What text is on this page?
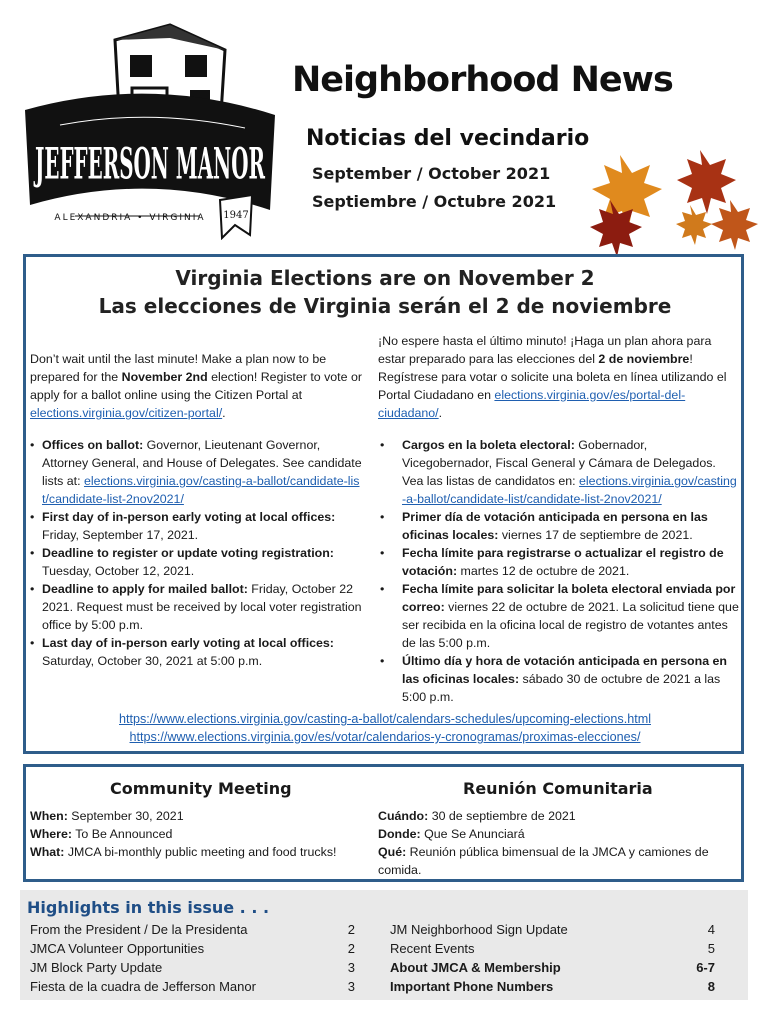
JEFFERSON MANOR
ALEXANDRIA • VIRGINIA 1947
Neighborhood News
Noticias del vecindario
September / October 2021
Septiembre / Octubre 2021
Virginia Elections are on November 2
Las elecciones de Virginia serán el 2 de noviembre
Don’t wait until the last minute! Make a plan now to be prepared for the November 2nd election! Register to vote or apply for a ballot online using the Citizen Portal at elections.virginia.gov/citizen-portal/.
¡No espere hasta el último minuto! ¡Haga un plan ahora para estar preparado para las elecciones del 2 de noviembre! Regístrese para votar o solicite una boleta en línea utilizando el Portal Ciudadano en elections.virginia.gov/es/portal-del-ciudadano/.
• Offices on ballot: Governor, Lieutenant Governor, Attorney General, and House of Delegates. See candidate lists at: elections.virginia.gov/casting-a-ballot/candidate-list/candidate-list-2nov2021/
• First day of in-person early voting at local offices: Friday, September 17, 2021.
• Deadline to register or update voting registration: Tuesday, October 12, 2021.
• Deadline to apply for mailed ballot: Friday, October 22 2021. Request must be received by local voter registration office by 5:00 p.m.
• Last day of in-person early voting at local offices: Saturday, October 30, 2021 at 5:00 p.m.
• Cargos en la boleta electoral: Gobernador, Vicegobernador, Fiscal General y Cámara de Delegados. Vea las listas de candidatos en: elections.virginia.gov/casting-a-ballot/candidate-list/candidate-list-2nov2021/
• Primer día de votación anticipada en persona en las oficinas locales: viernes 17 de septiembre de 2021.
• Fecha límite para registrarse o actualizar el registro de votación: martes 12 de octubre de 2021.
• Fecha límite para solicitar la boleta electoral enviada por correo: viernes 22 de octubre de 2021. La solicitud tiene que ser recibida en la oficina local de registro de votantes antes de las 5:00 p.m.
• Último día y hora de votación anticipada en persona en las oficinas locales: sábado 30 de octubre de 2021 a las 5:00 p.m.
https://www.elections.virginia.gov/casting-a-ballot/calendars-schedules/upcoming-elections.html
https://www.elections.virginia.gov/es/votar/calendarios-y-cronogramas/proximas-elecciones/
Community Meeting	Reunión Comunitaria
When: September 30, 2021
Where: To Be Announced
What: JMCA bi-monthly public meeting and food trucks!
Cuándo: 30 de septiembre de 2021
Donde: Que Se Anunciará
Qué: Reunión pública bimensual de la JMCA y camiones de comida.
Highlights in this issue . . .
From the President / De la Presidenta	2
JMCA Volunteer Opportunities	2
JM Block Party Update	3
Fiesta de la cuadra de Jefferson Manor	3
JM Neighborhood Sign Update	4
Recent Events	5
About JMCA & Membership	6-7
Important Phone Numbers	8
